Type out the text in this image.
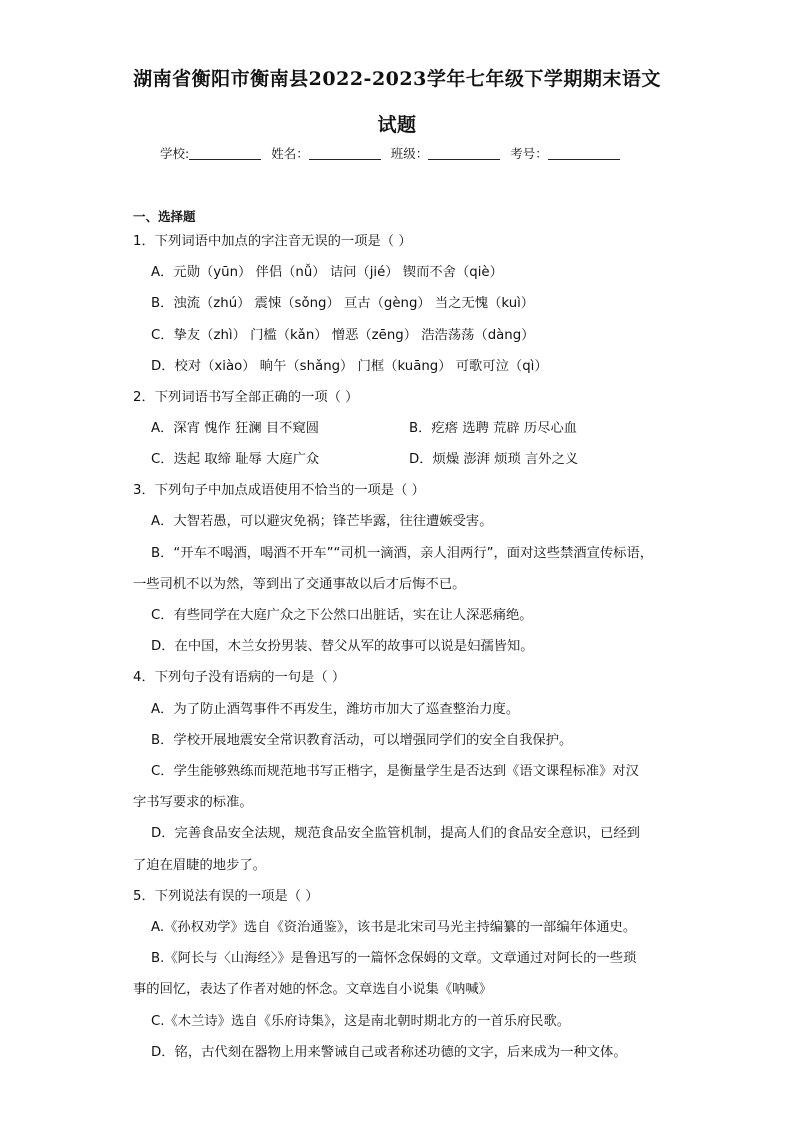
湖南省衡阳市衡南县2022-2023学年七年级下学期期末语文
试题
学校:	姓名：	班级：	考号：
一、选择题
1．下列词语中加点的字注音无误的一项是（ ）
A．元勋（yūn） 伴侣（nǚ） 诘问（jié） 锲而不舍（qiè）
B．浊流（zhú） 震悚（sǒng） 亘古（gèng） 当之无愧（kuì）
C．挚友（zhì） 门槛（kǎn） 憎恶（zēng） 浩浩荡荡（dàng）
D．校对（xiào） 晌午（shǎng） 门框（kuāng） 可歌可泣（qì）
2．下列词语书写全部正确的一项（ ）
A．深宵 愧作 狂澜 目不窥圆	B．疙瘩 选聘 荒辟 历尽心血
C．迭起 取缔 耻辱 大庭广众	D．烦燥 澎湃 烦琐 言外之义
3．下列句子中加点成语使用不恰当的一项是（ ）
A．大智若愚，可以避灾免祸；锋芒毕露，往往遭嫉受害。
B．“开车不喝酒，喝酒不开车”“司机一滴酒，亲人泪两行”，面对这些禁酒宣传标语，
一些司机不以为然，等到出了交通事故以后才后悔不已。
C．有些同学在大庭广众之下公然口出脏话，实在让人深恶痛绝。
D．在中国，木兰女扮男装、替父从军的故事可以说是妇孺皆知。
4．下列句子没有语病的一句是（ ）
A．为了防止酒驾事件不再发生，潍坊市加大了巡查整治力度。
B．学校开展地震安全常识教育活动，可以增强同学们的安全自我保护。
C．学生能够熟练而规范地书写正楷字，是衡量学生是否达到《语文课程标准》对汉
字书写要求的标准。
D．完善食品安全法规，规范食品安全监管机制，提高人们的食品安全意识，已经到
了迫在眉睫的地步了。
5．下列说法有误的一项是（ ）
A.《孙权劝学》选自《资治通鉴》，该书是北宋司马光主持编纂的一部编年体通史。
B.《阿长与〈山海经〉》是鲁迅写的一篇怀念保姆的文章。文章通过对阿长的一些琐
事的回忆，表达了作者对她的怀念。文章选自小说集《呐喊》
C.《木兰诗》选自《乐府诗集》，这是南北朝时期北方的一首乐府民歌。
D．铭，古代刻在器物上用来警诫自己或者称述功德的文字，后来成为一种文体。
